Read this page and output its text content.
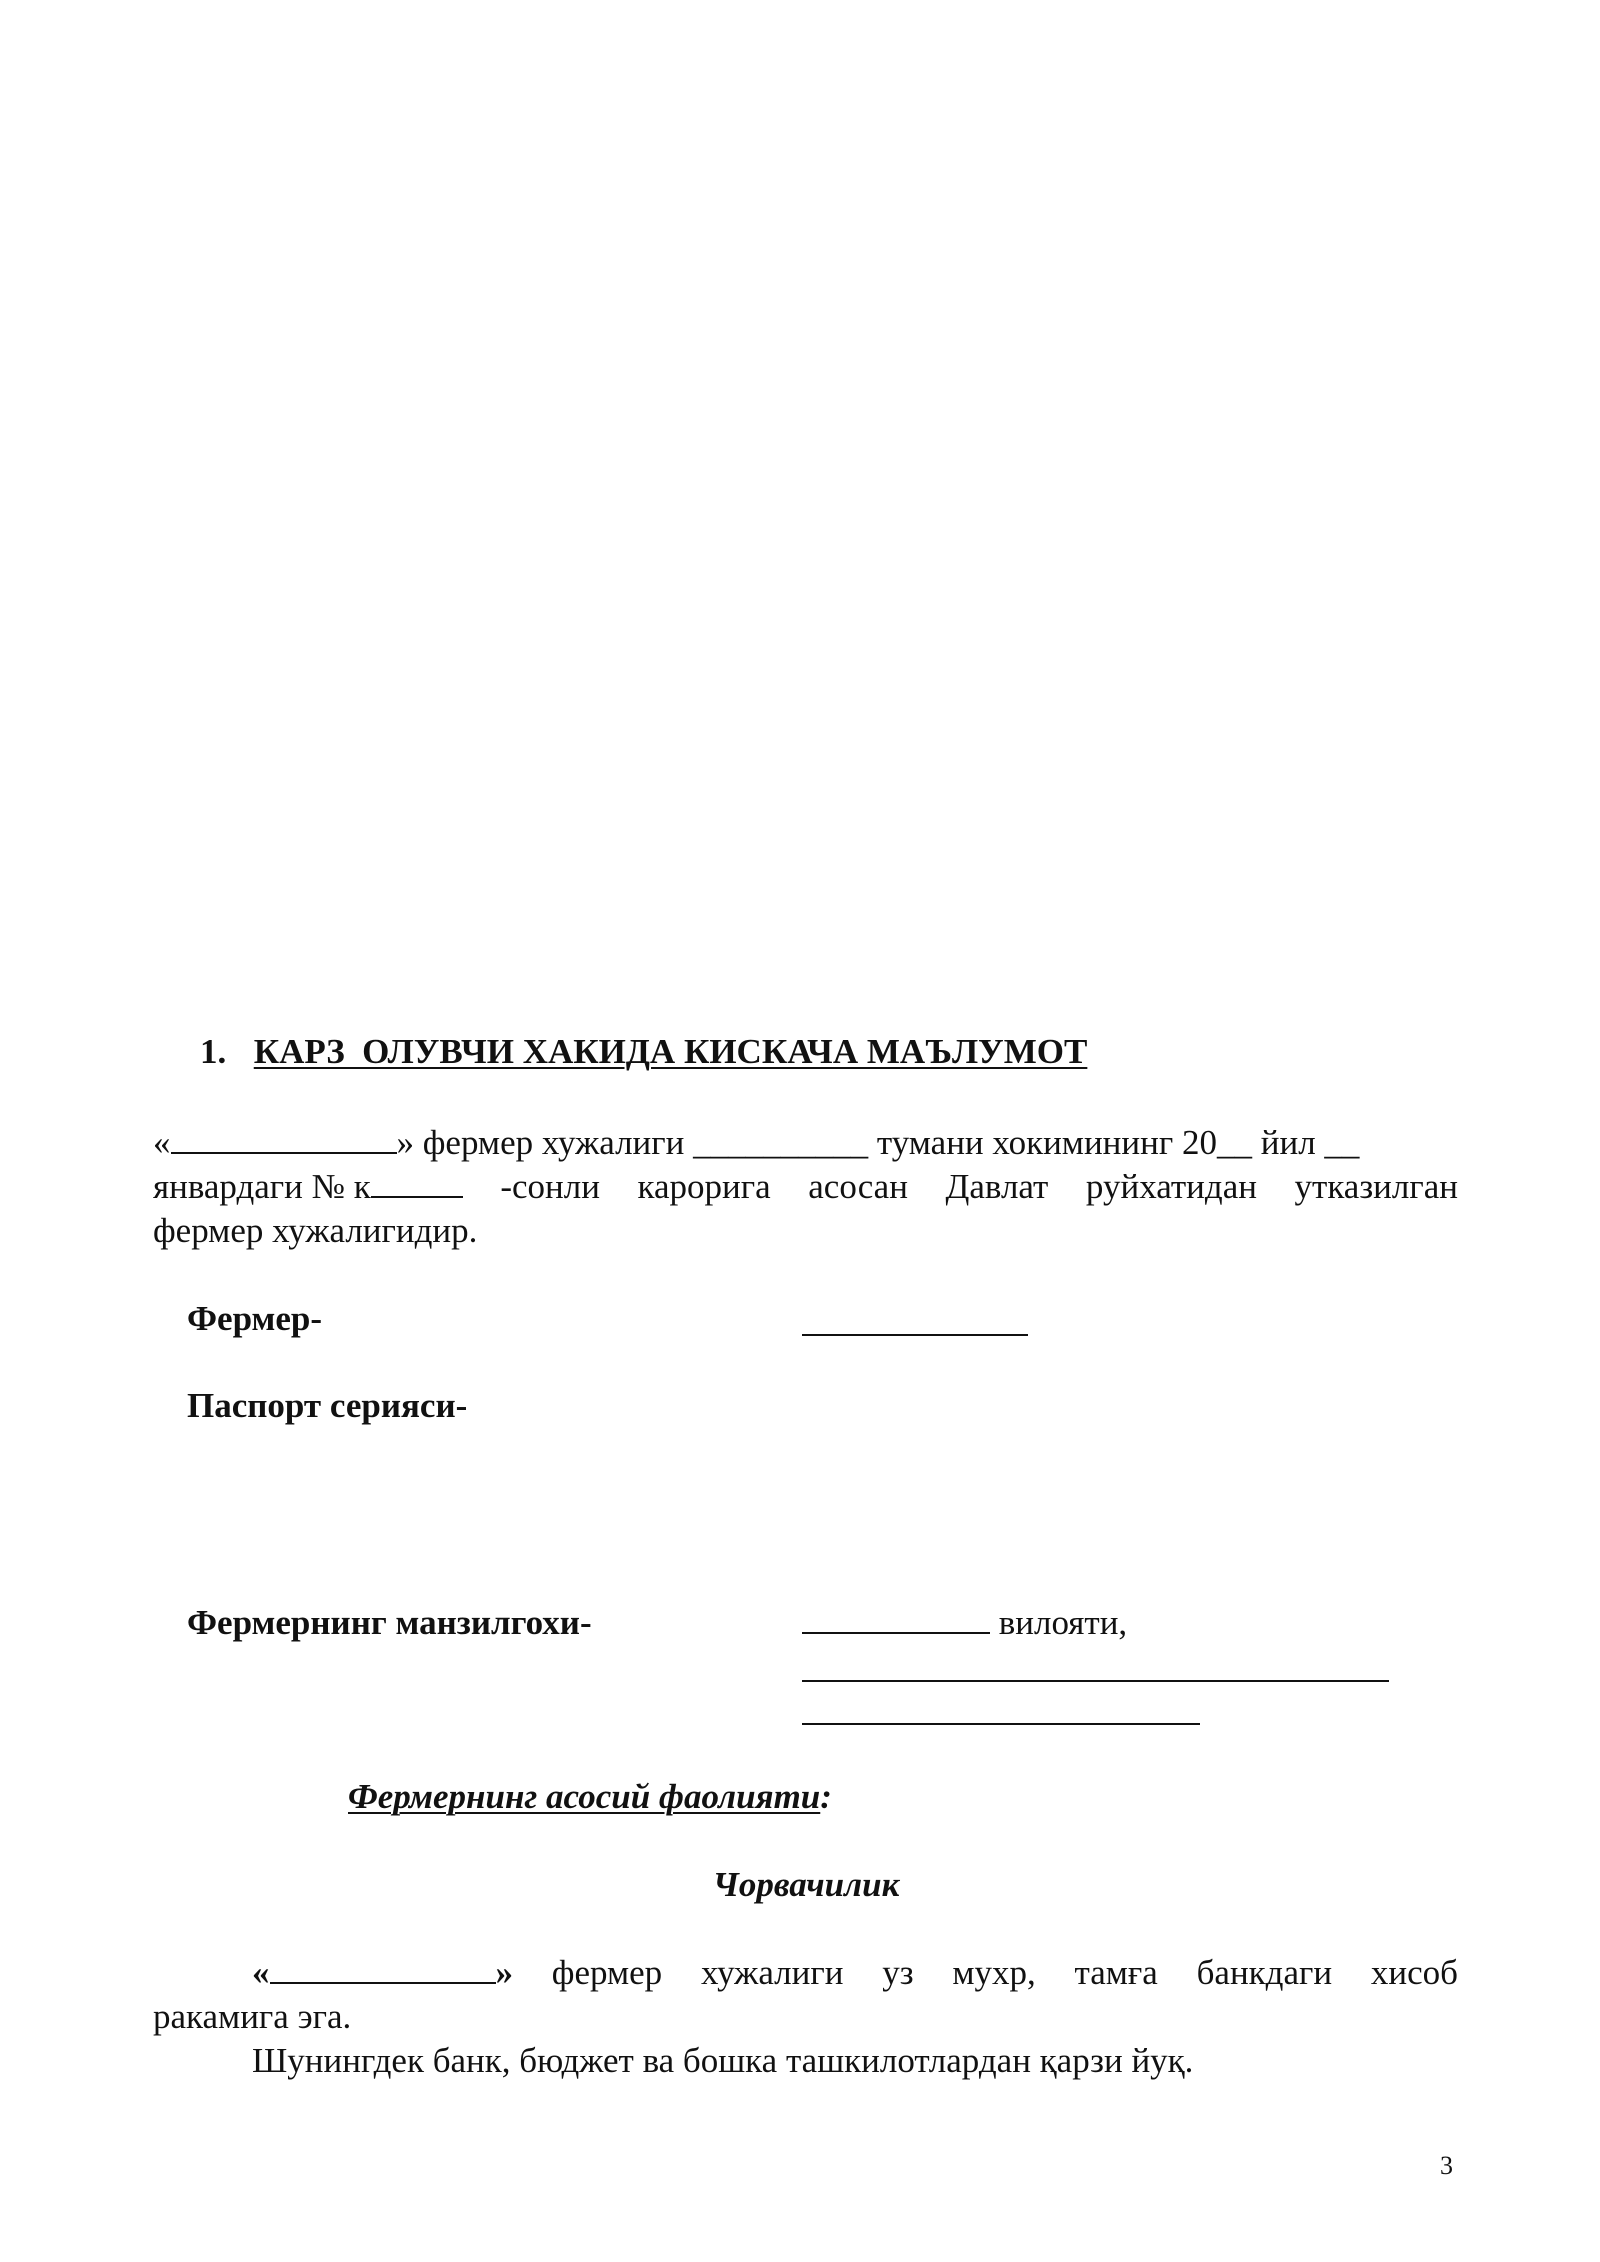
1. КАРЗ  ОЛУВЧИ ХАКИДА КИСКАЧА МАЪЛУМОТ
«	» фермер хужалиги __________ тумани хокимининг 20__ йил __
январдаги № к	-сонли карорига асосан Давлат руйхатидан утказилган
фермер хужалигидир.
Фермер-
Паспорт серияси-
Фермернинг манзилгохи-	вилояти,
Фермернинг асосий фаолияти:
Чорвачилик
«	» фермер хужалиги уз мухр, тамға банкдаги хисоб
ракамига эга.
Шунингдек банк, бюджет ва бошка ташкилотлардан қарзи йуқ.
3
